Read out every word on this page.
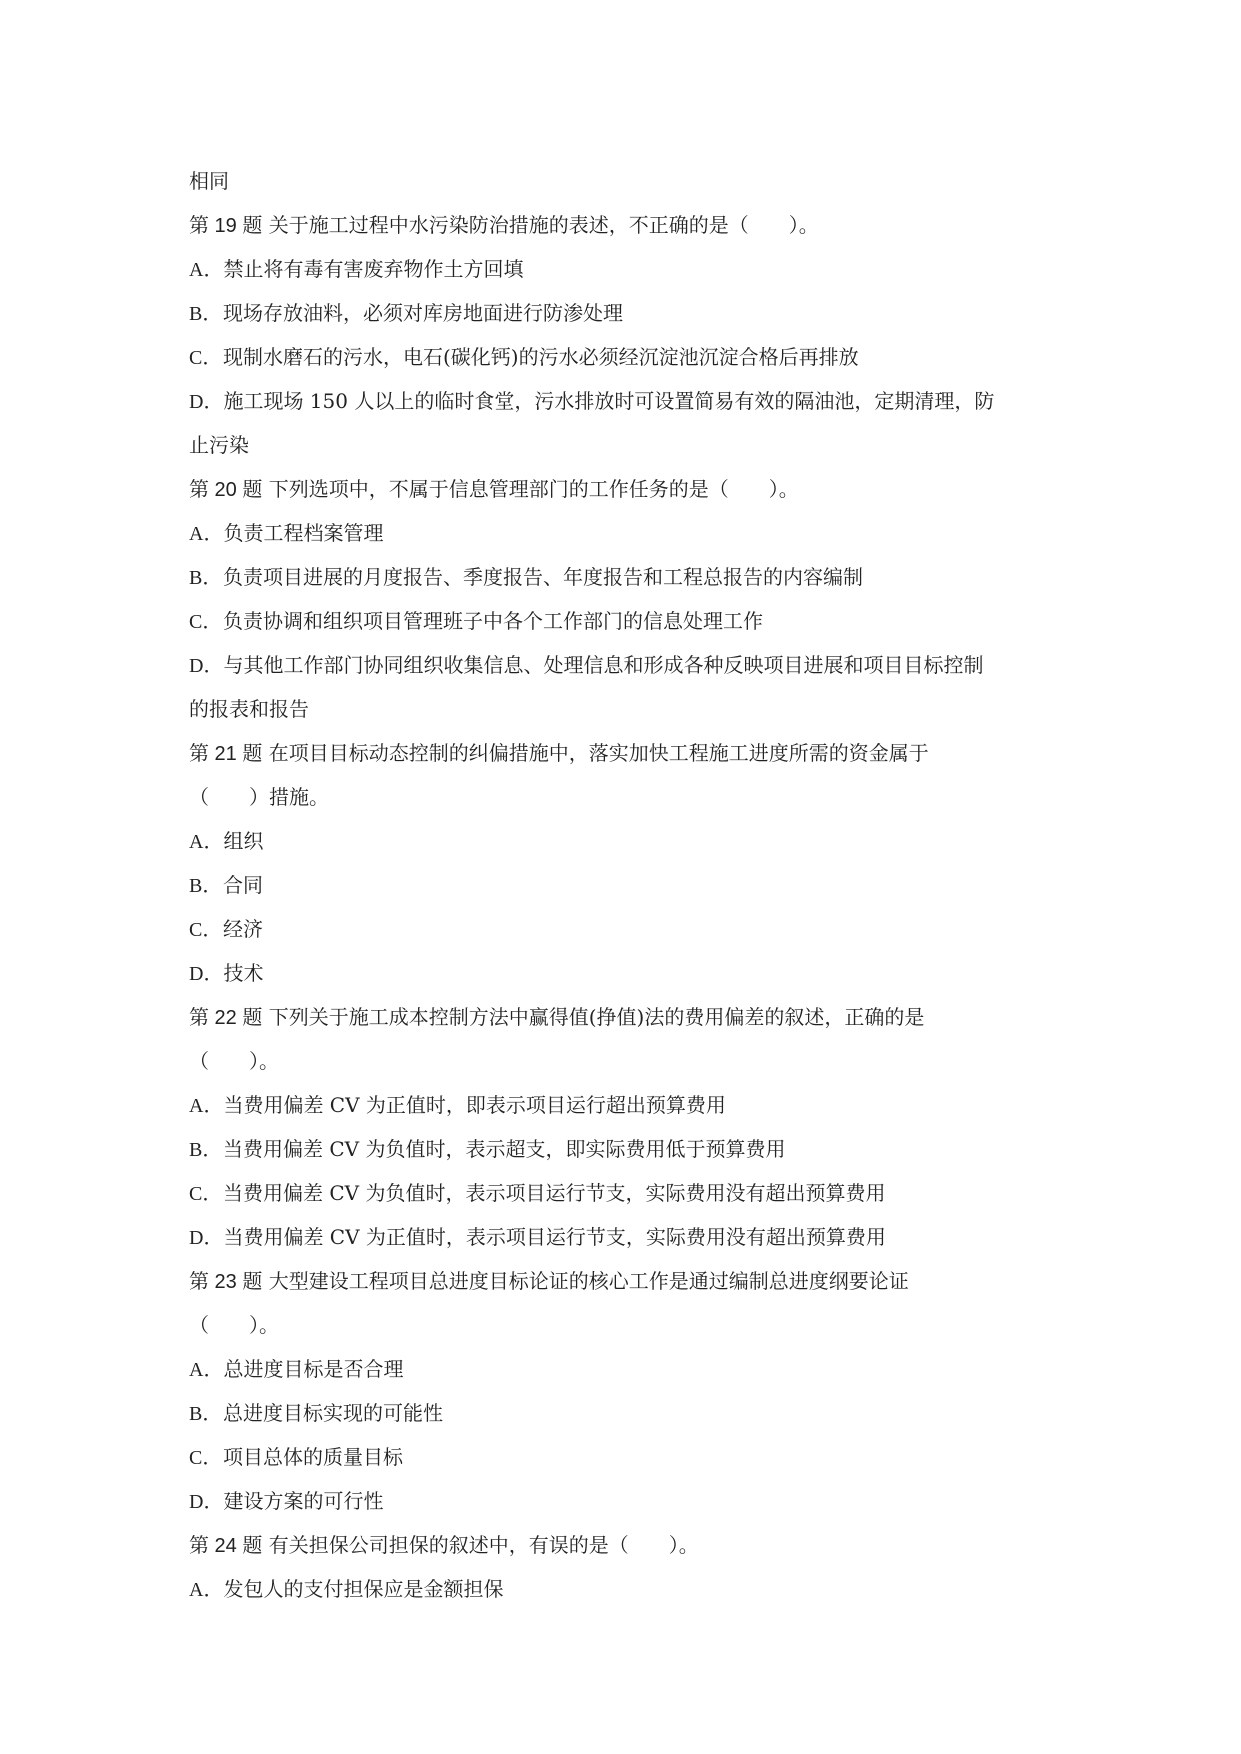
相同
第 19 题 关于施工过程中水污染防治措施的表述，不正确的是（　　）。
A．禁止将有毒有害废弃物作土方回填
B．现场存放油料，必须对库房地面进行防渗处理
C．现制水磨石的污水，电石(碳化钙)的污水必须经沉淀池沉淀合格后再排放
D．施工现场 150 人以上的临时食堂，污水排放时可设置简易有效的隔油池，定期清理，防
止污染
第 20 题 下列选项中，不属于信息管理部门的工作任务的是（　　）。
A．负责工程档案管理
B．负责项目进展的月度报告、季度报告、年度报告和工程总报告的内容编制
C．负责协调和组织项目管理班子中各个工作部门的信息处理工作
D．与其他工作部门协同组织收集信息、处理信息和形成各种反映项目进展和项目目标控制
的报表和报告
第 21 题 在项目目标动态控制的纠偏措施中，落实加快工程施工进度所需的资金属于
（　　）措施。
A．组织
B．合同
C．经济
D．技术
第 22 题 下列关于施工成本控制方法中赢得值(挣值)法的费用偏差的叙述，正确的是
（　　）。
A．当费用偏差 CV 为正值时，即表示项目运行超出预算费用
B．当费用偏差 CV 为负值时，表示超支，即实际费用低于预算费用
C．当费用偏差 CV 为负值时，表示项目运行节支，实际费用没有超出预算费用
D．当费用偏差 CV 为正值时，表示项目运行节支，实际费用没有超出预算费用
第 23 题 大型建设工程项目总进度目标论证的核心工作是通过编制总进度纲要论证
（　　）。
A．总进度目标是否合理
B．总进度目标实现的可能性
C．项目总体的质量目标
D．建设方案的可行性
第 24 题 有关担保公司担保的叙述中，有误的是（　　）。
A．发包人的支付担保应是金额担保
